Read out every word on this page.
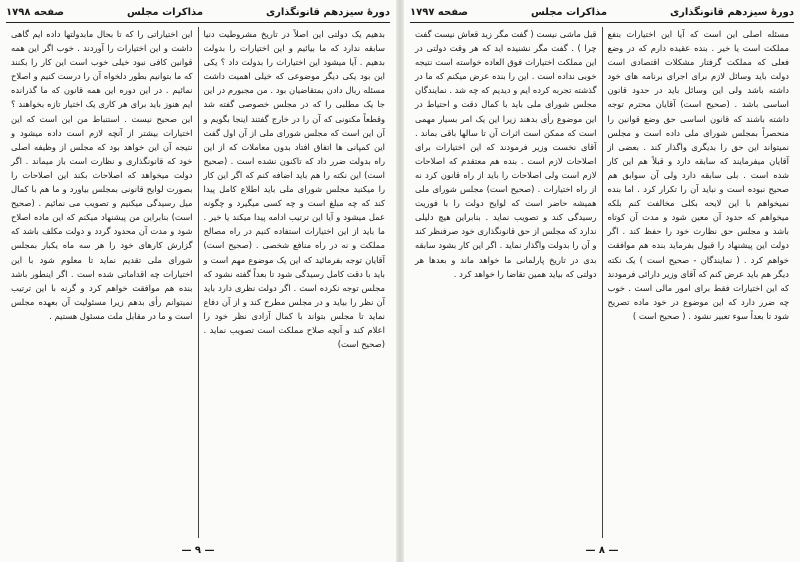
دورهٔ سیزدهم قانونگذاری
مذاکرات مجلس
صفحه ۱۷۹۸

این اختیاراتی را که تا بحال مابدولتها داده ایم گاهی داشت و این اختیارات را آوردند . خوب اگر این همه قوانین کافی نبود خیلی خوب است این کار را بکنند که ما بتوانیم بطور دلخواه آن را درست کنیم و اصلاح نمائیم . در این دوره این همه قانون که ما گذرانده ایم هنوز باید برای هر کاری یک اختیار تازه بخواهند ؟ این صحیح نیست . استنباط من این است که این اختیارات بیشتر از آنچه لازم است داده میشود و نتیجه آن این خواهد بود که مجلس از وظیفه اصلی خود که قانونگذاری و نظارت است باز میماند . اگر دولت میخواهد که اصلاحات بکند این اصلاحات را بصورت لوایح قانونی بمجلس بیاورد و ما هم با کمال میل رسیدگی میکنیم و تصویب می نمائیم . (صحیح است) بنابراین من پیشنهاد میکنم که این ماده اصلاح شود و مدت آن محدود گردد و دولت مکلف باشد که گزارش کارهای خود را هر سه ماه یکبار بمجلس شورای ملی تقدیم نماید تا معلوم شود با این اختیارات چه اقداماتی شده است . اگر اینطور باشد بنده هم موافقت خواهم کرد و گرنه با این ترتیب نمیتوانم رأی بدهم زیرا مسئولیت آن بعهده مجلس است و ما در مقابل ملت مسئول هستیم .

بدهیم یک دولتی این اصلاً در تاریخ مشروطیت دنیا سابقه ندارد که ما بیائیم و این اختیارات را بدولت بدهیم . آیا میشود این اختیارات را بدولت داد ؟ یکی این بود یکی دیگر موضوعی که خیلی اهمیت داشت مسئله ربال دادن بمتقاضیان بود . من مجبورم در این جا یک مطلبی را که در مجلس خصوصی گفته شد وقطعاً مکنونی که آن را در خارج گفتند اینجا بگویم و آن این است که مجلس شورای ملی از آن اول گفت این کمپانی ها اتفاق افتاد بدون معاملات که از این راه بدولت ضرر داد که تاکنون نشده است . (صحیح است) این نکته را هم باید اضافه کنم که اگر این کار را میکنید مجلس شورای ملی باید اطلاع کامل پیدا کند که چه مبلغ است و چه کسی میگیرد و چگونه عمل میشود و آیا این ترتیب ادامه پیدا میکند یا خیر . ما باید از این اختیارات استفاده کنیم در راه مصالح مملکت و نه در راه منافع شخصی . (صحیح است) آقایان توجه بفرمائید که این یک موضوع مهم است و باید با دقت کامل رسیدگی شود تا بعداً گفته نشود که مجلس توجه نکرده است . اگر دولت نظری دارد باید آن نظر را بیاید و در مجلس مطرح کند و از آن دفاع نماید تا مجلس بتواند با کمال آزادی نظر خود را اعلام کند و آنچه صلاح مملکت است تصویب نماید . (صحیح است)

— ۹ —
دورهٔ سیزدهم قانونگذاری
مذاکرات مجلس
صفحه ۱۷۹۷

قبل ماشی نیست ( گفت مگر زید قعاش نیست گفت چرا ) . گفت مگر نشنیده اید که هر وقت دولتی در این مملکت اختیارات فوق العاده خواسته است نتیجه خوبی نداده است . این را بنده عرض میکنم که ما در گذشته تجربه کرده ایم و دیدیم که چه شد . نمایندگان مجلس شورای ملی باید با کمال دقت و احتیاط در این موضوع رأی بدهند زیرا این یک امر بسیار مهمی است که ممکن است اثرات آن تا سالها باقی بماند . آقای نخست وزیر فرمودند که این اختیارات برای اصلاحات لازم است . بنده هم معتقدم که اصلاحات لازم است ولی اصلاحات را باید از راه قانون کرد نه از راه اختیارات . (صحیح است) مجلس شورای ملی همیشه حاضر است که لوایح دولت را با فوریت رسیدگی کند و تصویب نماید . بنابراین هیچ دلیلی ندارد که مجلس از حق قانونگذاری خود صرفنظر کند و آن را بدولت واگذار نماید . اگر این کار بشود سابقه بدی در تاریخ پارلمانی ما خواهد ماند و بعدها هر دولتی که بیاید همین تقاضا را خواهد کرد .

مسئله اصلی این است که آیا این اختیارات بنفع مملکت است یا خیر . بنده عقیده دارم که در وضع فعلی که مملکت گرفتار مشکلات اقتصادی است دولت باید وسائل لازم برای اجرای برنامه های خود داشته باشد ولی این وسائل باید در حدود قانون اساسی باشد . (صحیح است) آقایان محترم توجه داشته باشند که قانون اساسی حق وضع قوانین را منحصراً بمجلس شورای ملی داده است و مجلس نمیتواند این حق را بدیگری واگذار کند . بعضی از آقایان میفرمایند که سابقه دارد و قبلاً هم این کار شده است . بلی سابقه دارد ولی آن سوابق هم صحیح نبوده است و نباید آن را تکرار کرد . اما بنده نمیخواهم با این لایحه بکلی مخالفت کنم بلکه میخواهم که حدود آن معین شود و مدت آن کوتاه باشد و مجلس حق نظارت خود را حفظ کند . اگر دولت این پیشنهاد را قبول بفرماید بنده هم موافقت خواهم کرد . ( نمایندگان - صحیح است ) یک نکته دیگر هم باید عرض کنم که آقای وزیر دارائی فرمودند که این اختیارات فقط برای امور مالی است . خوب چه ضرر دارد که این موضوع در خود ماده تصریح شود تا بعداً سوء تعبیر نشود . ( صحیح است )

— ۸ —
